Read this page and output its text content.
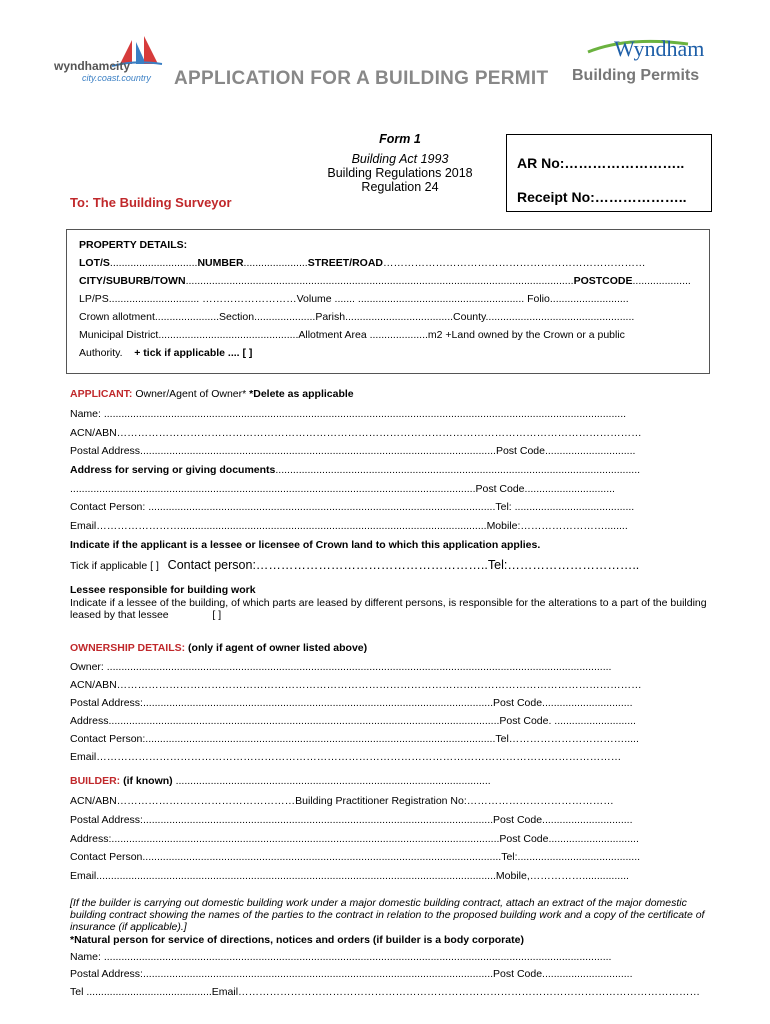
wyndhamcity
city.coast.country
Wyndham
Building Permits
APPLICATION FOR A BUILDING PERMIT
Form 1
Building Act 1993
Building Regulations 2018
Regulation 24
AR No:……………………..
Receipt No:………………..
To: The Building Surveyor
PROPERTY DETAILS:
LOT/S..............................NUMBER......................STREET/ROAD…………………………………………………………………
CITY/SUBURB/TOWN.....................................................................................................................................POSTCODE....................
LP/PS............................... ………………………Volume ....... ......................................................... Folio...........................
Crown allotment......................Section.....................Parish.....................................County...................................................
Municipal District................................................Allotment Area ....................m2 +Land owned by the Crown or a public
Authority. + tick if applicable .... [ ]
APPLICANT: Owner/Agent of Owner* *Delete as applicable
Name: ...................................................................................................................................................................................
ACN/ABN……………………………………………………………………………………………………………………………………
Postal Address..........................................................................................................................Post Code...............................
Address for serving or giving documents.............................................................................................................................
...........................................................................................................................................Post Code...............................
Contact Person: .......................................................................................................................Tel: .........................................
Email…………………….........................................................................................................Mobile:……………………........
Indicate if the applicant is a lessee or licensee of Crown land to which this application applies.
Tick if applicable [ ] Contact person:………………………………………………..Tel:…………………………..
Lessee responsible for building work
Indicate if a lessee of the building, of which parts are leased by different persons, is responsible for the alterations to a part of the building leased by that lessee	[ ]
OWNERSHIP DETAILS: (only if agent of owner listed above)
Owner: .............................................................................................................................................................................
ACN/ABN……………………………………………………………………………………………………………………………………
Postal Address:........................................................................................................................Post Code...............................
Address......................................................................................................................................Post Code. ............................
Contact Person:........................................................................................................................Tel…………………………….....
Email……………………………………………………………………………………………………………………………………
BUILDER: (if known) ............................................................................................................
ACN/ABN……………………………………………Building Practitioner Registration No:……………………………………
Postal Address:........................................................................................................................Post Code...............................
Address:.....................................................................................................................................Post Code...............................
Contact Person...........................................................................................................................Tel:..........................................
Email.........................................................................................................................................Mobile,……………................
[If the builder is carrying out domestic building work under a major domestic building contract, attach an extract of the major domestic building contract showing the names of the parties to the contract in relation to the proposed building work and a copy of the certificate of insurance (if applicable).]
*Natural person for service of directions, notices and orders (if builder is a body corporate)
Name: ..............................................................................................................................................................................
Postal Address:........................................................................................................................Post Code...............................
Tel ...........................................Email……………………………………………………………………………………………………………………
